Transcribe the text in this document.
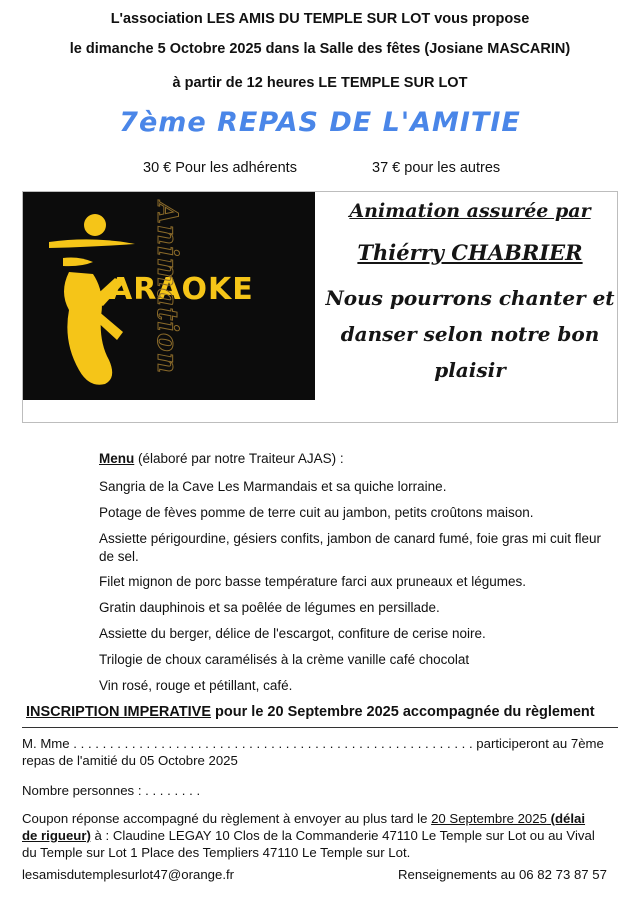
L'association LES AMIS DU TEMPLE SUR LOT vous propose
le dimanche 5 Octobre 2025 dans la Salle des fêtes (Josiane MASCARIN)
à partir de 12 heures LE TEMPLE SUR LOT
7ème REPAS DE L'AMITIE
30 € Pour les adhérents	37 € pour les autres
ARAOKE
Animation	Animation assurée par
Thiérry CHABRIER
Nous pourrons chanter et
danser selon notre bon
plaisir
Menu (élaboré par notre Traiteur AJAS) :
Sangria de la Cave Les Marmandais et sa quiche lorraine.
Potage de fèves pomme de terre cuit au jambon, petits croûtons maison.
Assiette périgourdine, gésiers confits, jambon de canard fumé, foie gras mi cuit fleur de sel.
Filet mignon de porc basse température farci aux pruneaux et légumes.
Gratin dauphinois et sa poêlée de légumes en persillade.
Assiette du berger, délice de l'escargot, confiture de cerise noire.
Trilogie de choux caramélisés à la crème vanille café chocolat
Vin rosé, rouge et pétillant, café.
INSCRIPTION IMPERATIVE pour le 20 Septembre 2025 accompagnée du règlement
M. Mme . . . . . . . . . . . . . . . . . . . . . . . . . . . . . . . . . . . . . . . . . . . . . . . . . . . . . . . participeront au 7ème
repas de l'amitié du 05 Octobre 2025
Nombre personnes : . . . . . . . .
Coupon réponse accompagné du règlement à envoyer au plus tard le 20 Septembre 2025 (délai
de rigueur) à : Claudine LEGAY 10 Clos de la Commanderie 47110 Le Temple sur Lot ou au Vival
du Temple sur Lot 1 Place des Templiers 47110 Le Temple sur Lot.
lesamisdutemplesurlot47@orange.fr	Renseignements au 06 82 73 87 57
